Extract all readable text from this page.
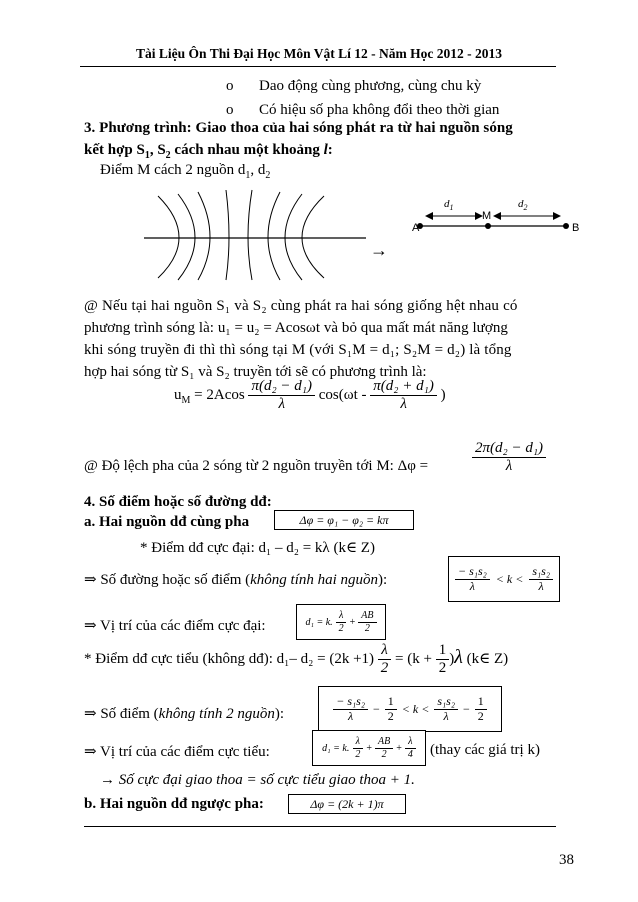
Tài Liệu Ôn Thi Đại Học Môn Vật Lí 12 - Năm Học 2012 - 2013
o Dao động cùng phương, cùng chu kỳ
o Có hiệu số pha không đổi theo thời gian
3. Phương trình: Giao thoa của hai sóng phát ra từ hai nguồn sóng
kết hợp $S_1$, $S_2$ cách nhau một khoảng l:
Điểm M cách 2 nguồn $d_1$, $d_2$
→
A
M
B
$d_1$	$d_2$
@ Nếu tại hai nguồn S₁ và S₂ cùng phát ra hai sóng giống hệt nhau có
phương trình sóng là: u₁ = u₂ = Acosωt và bỏ qua mất mát năng lượng
khi sóng truyền đi thì thì sóng tại M (với S₁M = d₁; S₂M = d₂) là tổng
hợp hai sóng từ S₁ và S₂ truyền tới sẽ có phương trình là:
$u_M = 2Acos \frac{\text{π(d₂ − d₁)}}{\lambda} \cos(\omega t - \frac{\text{π(d₂ + d₁)}}{\lambda}$ )
@ Độ lệch pha của 2 sóng từ 2 nguồn truyền tới M: Δφ =	$\frac{\text{2π(d₂ − d₁)}}{\lambda}$
4. Số điểm hoặc số đường dđ:
a. Hai nguồn dđ cùng pha	Δφ = φ₁ − φ₂ = kπ
* Điểm dđ cực đại: d₁ – d₂ = kλ (k∈ Z)
⇒ Số đường hoặc số điểm (không tính hai nguồn):	$\frac{\text{− s₁s₂}}{\lambda} < k < \frac{\text{s₁s₂}}{\lambda}$
⇒ Vị trí của các điểm cực đại:	d₁ = k. $\frac{\lambda}{2} + \frac{AB}{2}$
* Điểm dđ cực tiểu (không dđ): d₁– $d_2 = (2k +1) \frac{\lambda}{2} = (k + \frac{1}{2} )\lambda$ (k∈ Z)
⇒ Số điểm (không tính 2 nguồn):	$\frac{\text{− s₁s₂}}{\lambda} - \frac{1}{2} < k < \frac{\text{s₁s₂}}{\lambda} - \frac{1}{2}$
⇒ Vị trí của các điểm cực tiểu:	d₁ = k. $\frac{\lambda}{2} + \frac{AB}{2} + \frac{\lambda}{4}$ (thay các giá trị k)
→ Số cực đại giao thoa = số cực tiểu giao thoa + 1.
b. Hai nguồn dđ ngược pha:	Δφ = (2k + 1)π
38
